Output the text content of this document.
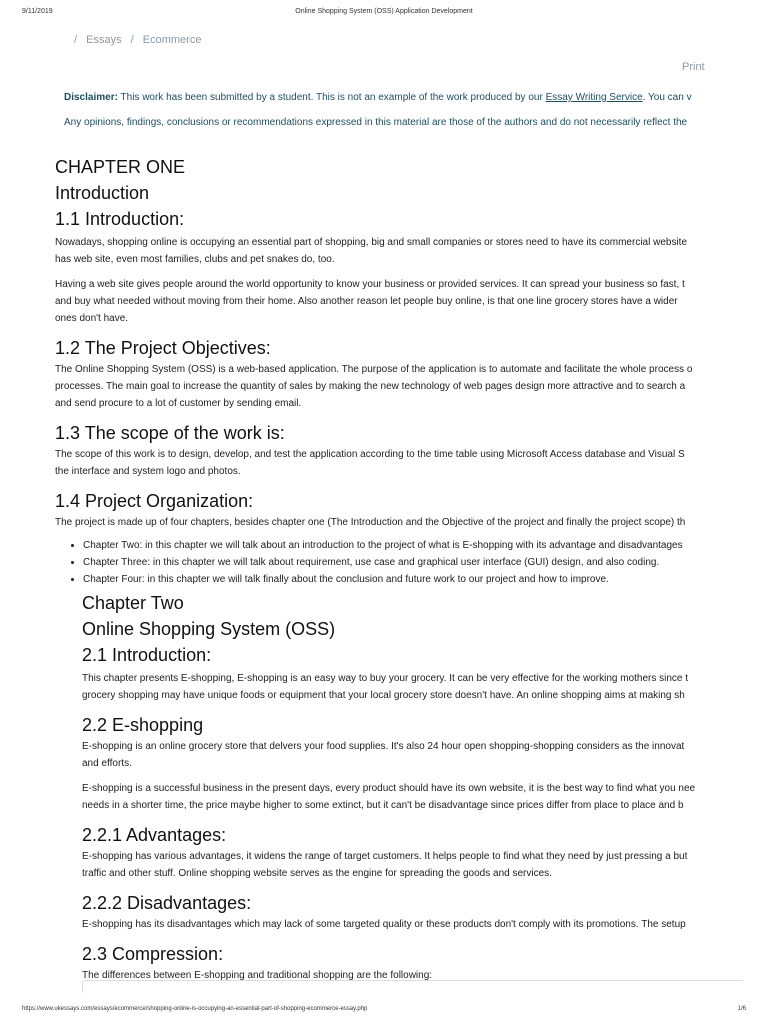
9/11/2019	Online Shopping System (OSS) Application Development
/ Essays / Ecommerce
Print
Disclaimer: This work has been submitted by a student. This is not an example of the work produced by our Essay Writing Service. You can v
Any opinions, findings, conclusions or recommendations expressed in this material are those of the authors and do not necessarily reflect the
CHAPTER ONE
Introduction
1.1 Introduction:

Nowadays, shopping online is occupying an essential part of shopping, big and small companies or stores need to have its commercial website
has web site, even most families, clubs and pet snakes do, too.

Having a web site gives people around the world opportunity to know your business or provided services. It can spread your business so fast, t
and buy what needed without moving from their home. Also another reason let people buy online, is that one line grocery stores have a wider
ones don't have.

1.2 The Project Objectives:

The Online Shopping System (OSS) is a web-based application. The purpose of the application is to automate and facilitate the whole process o
processes. The main goal to increase the quantity of sales by making the new technology of web pages design more attractive and to search a
and send procure to a lot of customer by sending email.

1.3 The scope of the work is:

The scope of this work is to design, develop, and test the application according to the time table using Microsoft Access database and Visual S
the interface and system logo and photos.

1.4 Project Organization:

The project is made up of four chapters, besides chapter one (The Introduction and the Objective of the project and finally the project scope) th

• Chapter Two: in this chapter we will talk about an introduction to the project of what is E-shopping with its advantage and disadvantages
• Chapter Three: in this chapter we will talk about requirement, use case and graphical user interface (GUI) design, and also coding.
• Chapter Four: in this chapter we will talk finally about the conclusion and future work to our project and how to improve.
Chapter Two
Online Shopping System (OSS)
2.1 Introduction:

This chapter presents E-shopping, E-shopping is an easy way to buy your grocery. It can be very effective for the working mothers since t
grocery shopping may have unique foods or equipment that your local grocery store doesn't have. An online shopping aims at making sh

2.2 E-shopping

E-shopping is an online grocery store that delvers your food supplies. It's also 24 hour open shopping-shopping considers as the innovat
and efforts.

E-shopping is a successful business in the present days, every product should have its own website, it is the best way to find what you nee
needs in a shorter time, the price maybe higher to some extinct, but it can't be disadvantage since prices differ from place to place and b

2.2.1 Advantages:

E-shopping has various advantages, it widens the range of target customers. It helps people to find what they need by just pressing a but
traffic and other stuff. Online shopping website serves as the engine for spreading the goods and services.

2.2.2 Disadvantages:

E-shopping has its disadvantages which may lack of some targeted quality or these products don't comply with its promotions. The setup

2.3 Compression:

The differences between E-shopping and traditional shopping are the following:

https://www.ukessays.com/essays/ecommerce/shopping-online-is-occupying-an-essential-part-of-shopping-ecommerce-essay.php	1/6
